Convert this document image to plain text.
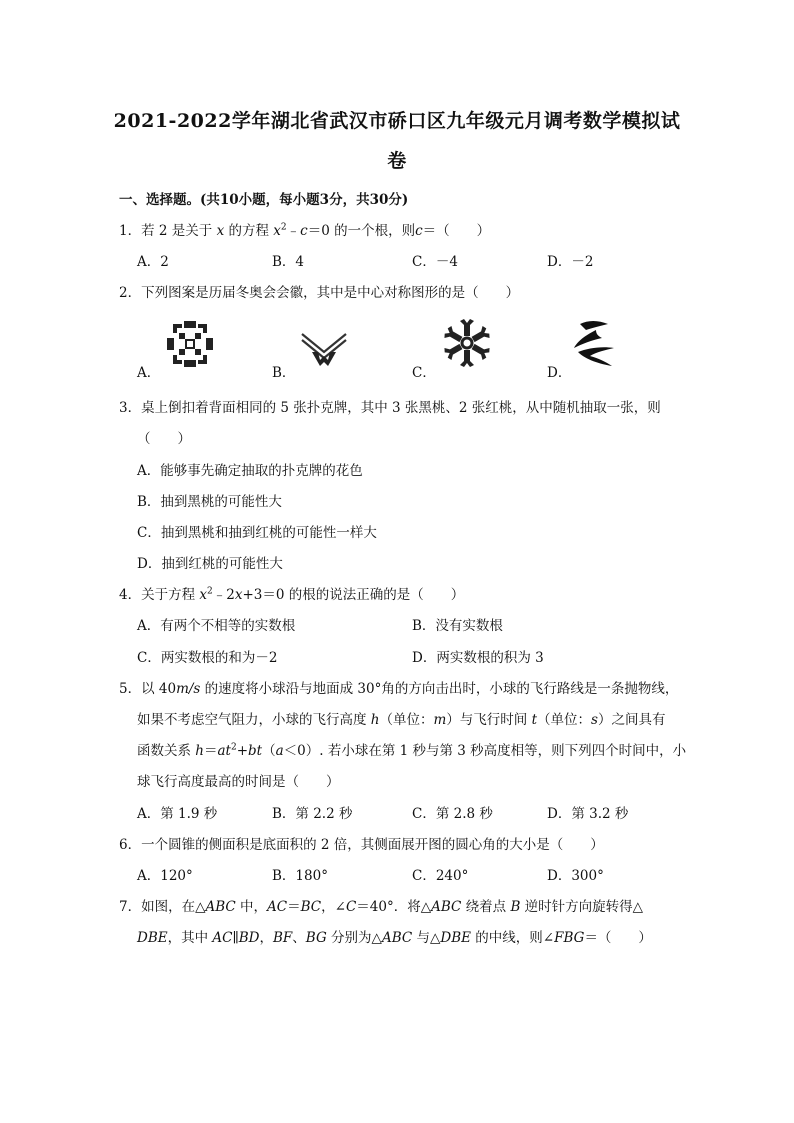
2021-2022学年湖北省武汉市硚口区九年级元月调考数学模拟试
卷
一、选择题。(共10小题，每小题3分，共30分)
1．若 2 是关于 x 的方程 $x^2﹣c=0$ 的一个根，则c＝（　　）
A．2	B．4	C．－4	D．－2
2．下列图案是历届冬奥会会徽，其中是中心对称图形的是（　　）
A．	B．	C．	D．
3．桌上倒扣着背面相同的 5 张扑克牌，其中 3 张黑桃、2 张红桃，从中随机抽取一张，则
（　　）
A．能够事先确定抽取的扑克牌的花色
B．抽到黑桃的可能性大
C．抽到黑桃和抽到红桃的可能性一样大
D．抽到红桃的可能性大
4．关于方程 $x^2﹣2x+3=0$ 的根的说法正确的是（　　）
A．有两个不相等的实数根	B．没有实数根
C．两实数根的和为－2	D．两实数根的积为 3
5．以 40m/s 的速度将小球沿与地面成 30°角的方向击出时，小球的飞行路线是一条抛物线，
如果不考虑空气阻力，小球的飞行高度 h（单位：m）与飞行时间 t（单位：s）之间具有
函数关系 $h=at^2+bt(a<0)$. 若小球在第 1 秒与第 3 秒高度相等，则下列四个时间中，小
球飞行高度最高的时间是（　　）
A．第 1.9 秒	B．第 2.2 秒	C．第 2.8 秒	D．第 3.2 秒
6．一个圆锥的侧面积是底面积的 2 倍，其侧面展开图的圆心角的大小是（　　）
A．120°	B．180°	C．240°	D．300°
7．如图，在△ABC 中，AC＝BC，∠C＝40°．将△ABC 绕着点 B 逆时针方向旋转得△
DBE，其中 AC∥BD，BF、BG 分别为△ABC 与△DBE 的中线，则∠FBG＝（　　）
